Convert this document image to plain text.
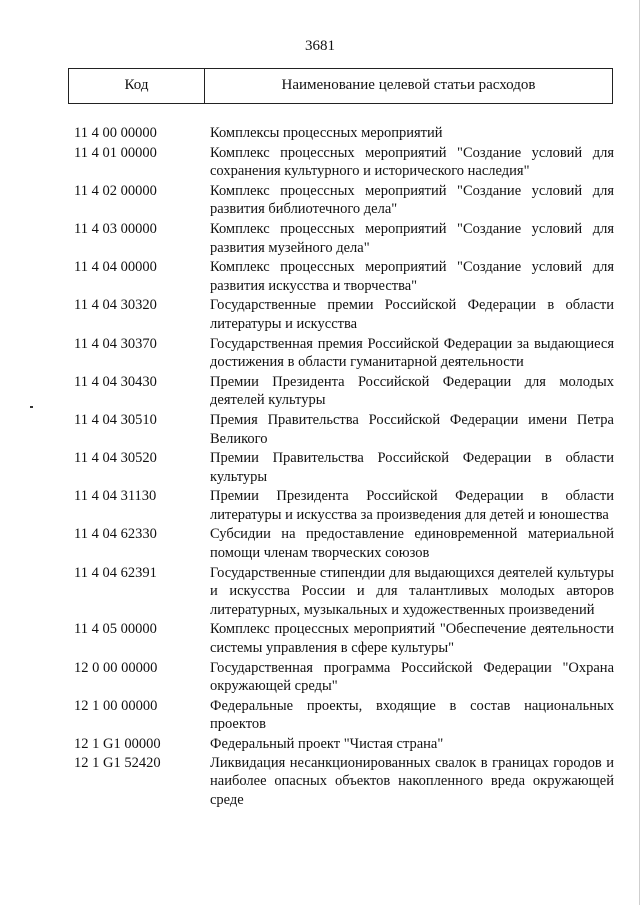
3681
Код	Наименование целевой статьи расходов
11 4 00 00000	Комплексы процессных мероприятий
11 4 01 00000	Комплекс процессных мероприятий "Создание условий для сохранения культурного и исторического наследия"
11 4 02 00000	Комплекс процессных мероприятий "Создание условий для развития библиотечного дела"
11 4 03 00000	Комплекс процессных мероприятий "Создание условий для развития музейного дела"
11 4 04 00000	Комплекс процессных мероприятий "Создание условий для развития искусства и творчества"
11 4 04 30320	Государственные премии Российской Федерации в области литературы и искусства
11 4 04 30370	Государственная премия Российской Федерации за выдающиеся достижения в области гуманитарной деятельности
11 4 04 30430	Премии Президента Российской Федерации для молодых деятелей культуры
11 4 04 30510	Премия Правительства Российской Федерации имени Петра Великого
11 4 04 30520	Премии Правительства Российской Федерации в области культуры
11 4 04 31130	Премии Президента Российской Федерации в области литературы и искусства за произведения для детей и юношества
11 4 04 62330	Субсидии на предоставление единовременной материальной помощи членам творческих союзов
11 4 04 62391	Государственные стипендии для выдающихся деятелей культуры и искусства России и для талантливых молодых авторов литературных, музыкальных и художественных произведений
11 4 05 00000	Комплекс процессных мероприятий "Обеспечение деятельности системы управления в сфере культуры"
12 0 00 00000	Государственная программа Российской Федерации "Охрана окружающей среды"
12 1 00 00000	Федеральные проекты, входящие в состав национальных проектов
12 1 G1 00000	Федеральный проект "Чистая страна"
12 1 G1 52420	Ликвидация несанкционированных свалок в границах городов и наиболее опасных объектов накопленного вреда окружающей среде
